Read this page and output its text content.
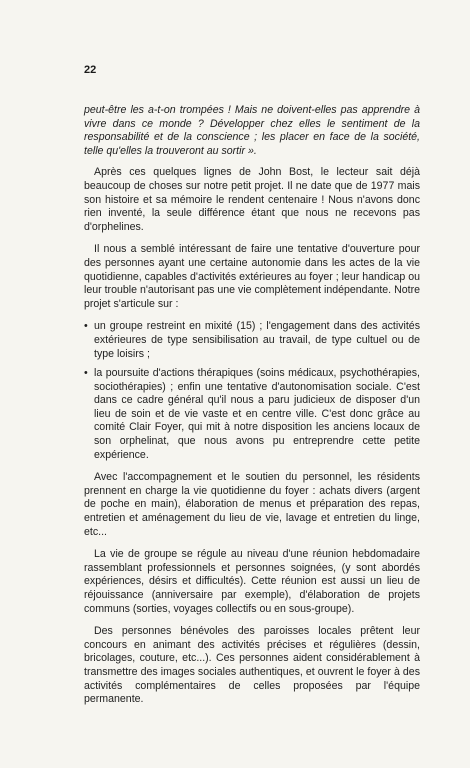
22

peut-être les a-t-on trompées ! Mais ne doivent-elles pas apprendre à vivre dans ce monde ? Développer chez elles le sentiment de la responsabilité et de la conscience ; les placer en face de la société, telle qu'elles la trouveront au sortir ».

Après ces quelques lignes de John Bost, le lecteur sait déjà beaucoup de choses sur notre petit projet. Il ne date que de 1977 mais son histoire et sa mémoire le rendent centenaire ! Nous n'avons donc rien inventé, la seule différence étant que nous ne recevons pas d'orphelines.

Il nous a semblé intéressant de faire une tentative d'ouverture pour des personnes ayant une certaine autonomie dans les actes de la vie quotidienne, capables d'activités extérieures au foyer ; leur handicap ou leur trouble n'autorisant pas une vie complètement indépendante. Notre projet s'articule sur :

• un groupe restreint en mixité (15) ; l'engagement dans des activités extérieures de type sensibilisation au travail, de type cultuel ou de type loisirs ;
• la poursuite d'actions thérapiques (soins médicaux, psychothérapies, sociothérapies) ; enfin une tentative d'autonomisation sociale. C'est dans ce cadre général qu'il nous a paru judicieux de disposer d'un lieu de soin et de vie vaste et en centre ville. C'est donc grâce au comité Clair Foyer, qui mit à notre disposition les anciens locaux de son orphelinat, que nous avons pu entreprendre cette petite expérience.

Avec l'accompagnement et le soutien du personnel, les résidents prennent en charge la vie quotidienne du foyer : achats divers (argent de poche en main), élaboration de menus et préparation des repas, entretien et aménagement du lieu de vie, lavage et entretien du linge, etc...

La vie de groupe se régule au niveau d'une réunion hebdomadaire rassemblant professionnels et personnes soignées, (y sont abordés expériences, désirs et difficultés). Cette réunion est aussi un lieu de réjouissance (anniversaire par exemple), d'élaboration de projets communs (sorties, voyages collectifs ou en sous-groupe).

Des personnes bénévoles des paroisses locales prêtent leur concours en animant des activités précises et régulières (dessin, bricolages, couture, etc...). Ces personnes aident considérablement à transmettre des images sociales authentiques, et ouvrent le foyer à des activités complémentaires de celles proposées par l'équipe permanente.
